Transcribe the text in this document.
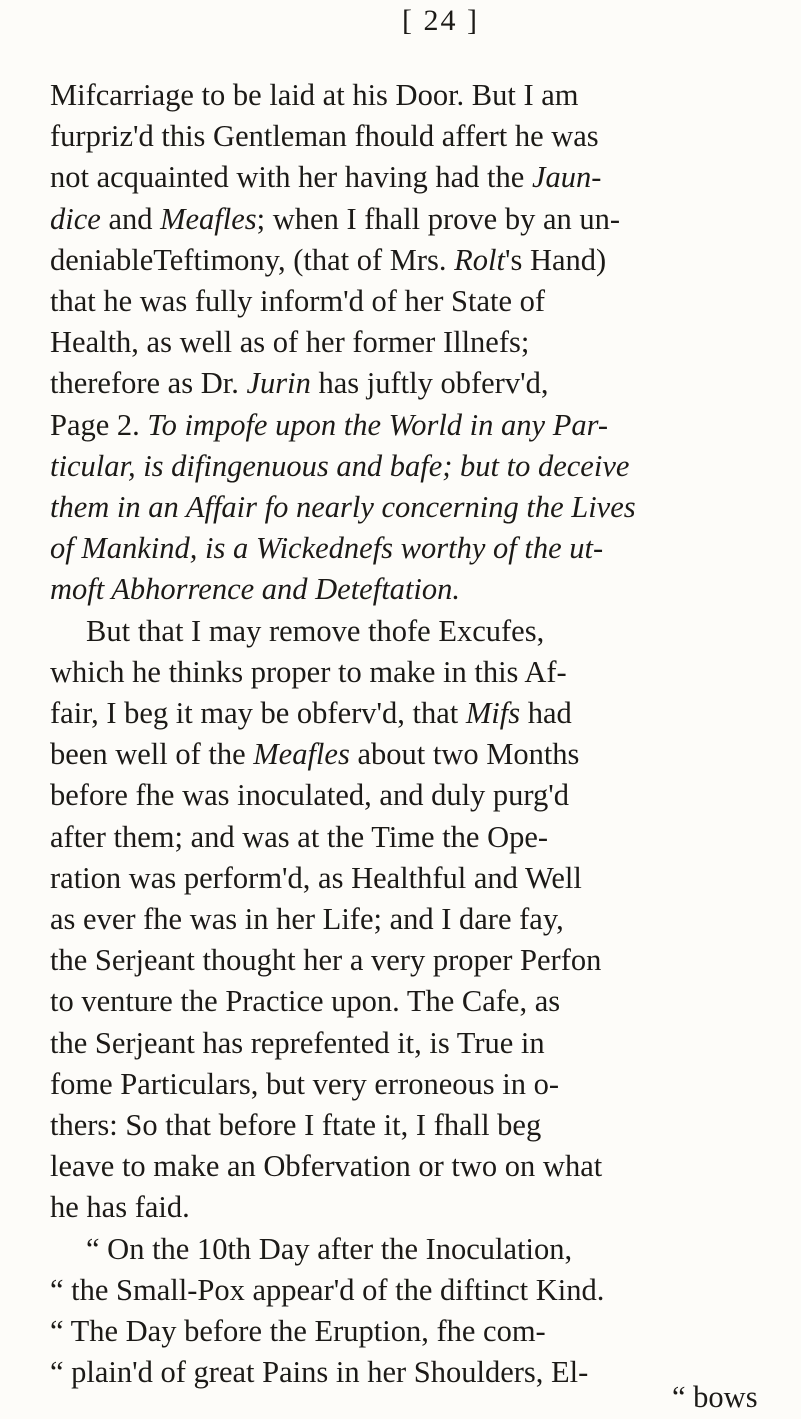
[ 24 ]
Mifcarriage to be laid at his Door. But I am
furpriz'd this Gentleman fhould affert he was
not acquainted with her having had the Jaun-
dice and Meafles; when I fhall prove by an un-
deniableTeftimony, (that of Mrs. Rolt's Hand)
that he was fully inform'd of her State of
Health, as well as of her former Illnefs;
therefore as Dr. Jurin has juftly obferv'd,
Page 2. To impofe upon the World in any Par-
ticular, is difingenuous and bafe; but to deceive
them in an Affair fo nearly concerning the Lives
of Mankind, is a Wickednefs worthy of the ut-
moft Abhorrence and Deteftation.
But that I may remove thofe Excufes,
which he thinks proper to make in this Af-
fair, I beg it may be obferv'd, that Mifs had
been well of the Meafles about two Months
before fhe was inoculated, and duly purg'd
after them; and was at the Time the Ope-
ration was perform'd, as Healthful and Well
as ever fhe was in her Life; and I dare fay,
the Serjeant thought her a very proper Perfon
to venture the Practice upon. The Cafe, as
the Serjeant has reprefented it, is True in
fome Particulars, but very erroneous in o-
thers: So that before I ftate it, I fhall beg
leave to make an Obfervation or two on what
he has faid.
“ On the 10th Day after the Inoculation,
“ the Small-Pox appear'd of the diftinct Kind.
“ The Day before the Eruption, fhe com-
“ plain'd of great Pains in her Shoulders, El-
“ bows
